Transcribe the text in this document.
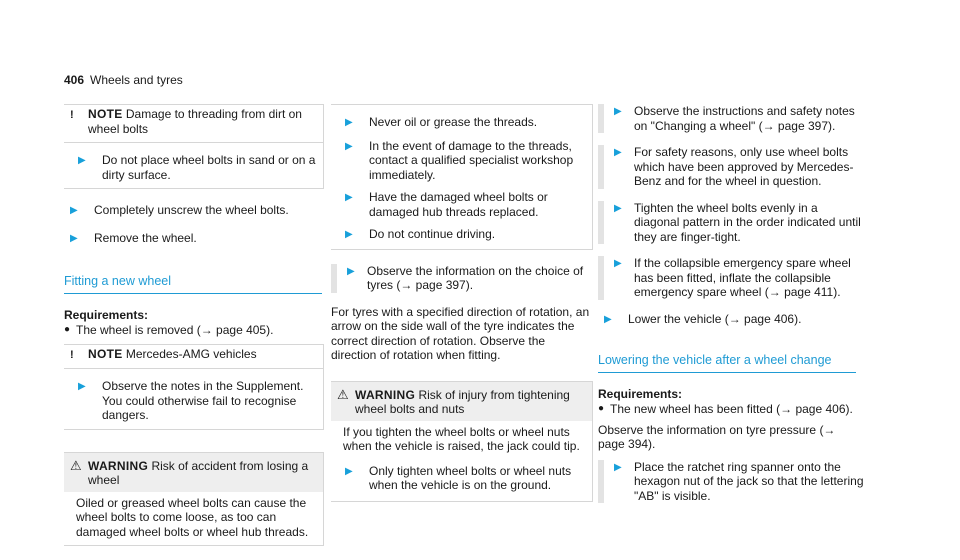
406 Wheels and tyres
!	NOTE Damage to threading from dirt on wheel bolts
▶	Do not place wheel bolts in sand or on a dirty surface.
▶	Completely unscrew the wheel bolts.
▶	Remove the wheel.
Fitting a new wheel
Requirements:
● The wheel is removed (→ page 405).
!	NOTE Mercedes-AMG vehicles
▶	Observe the notes in the Supplement. You could otherwise fail to recognise dangers.
⚠ WARNING Risk of accident from losing a wheel
Oiled or greased wheel bolts can cause the wheel bolts to come loose, as too can damaged wheel bolts or wheel hub threads.
▶	Never oil or grease the threads.
▶	In the event of damage to the threads, contact a qualified specialist workshop immediately.
▶	Have the damaged wheel bolts or damaged hub threads replaced.
▶	Do not continue driving.
▶	Observe the information on the choice of tyres (→ page 397).

For tyres with a specified direction of rotation, an arrow on the side wall of the tyre indicates the correct direction of rotation. Observe the direction of rotation when fitting.

⚠ WARNING Risk of injury from tightening wheel bolts and nuts
If you tighten the wheel bolts or wheel nuts when the vehicle is raised, the jack could tip.
▶	Only tighten wheel bolts or wheel nuts when the vehicle is on the ground.
▶	Observe the instructions and safety notes on "Changing a wheel" (→ page 397).
▶	For safety reasons, only use wheel bolts which have been approved by Mercedes-Benz and for the wheel in question.
▶	Tighten the wheel bolts evenly in a diagonal pattern in the order indicated until they are finger-tight.
▶	If the collapsible emergency spare wheel has been fitted, inflate the collapsible emergency spare wheel (→ page 411).
▶	Lower the vehicle (→ page 406).
Lowering the vehicle after a wheel change
Requirements:
● The new wheel has been fitted (→ page 406).

Observe the information on tyre pressure (→ page 394).

▶	Place the ratchet ring spanner onto the hexagon nut of the jack so that the lettering "AB" is visible.
